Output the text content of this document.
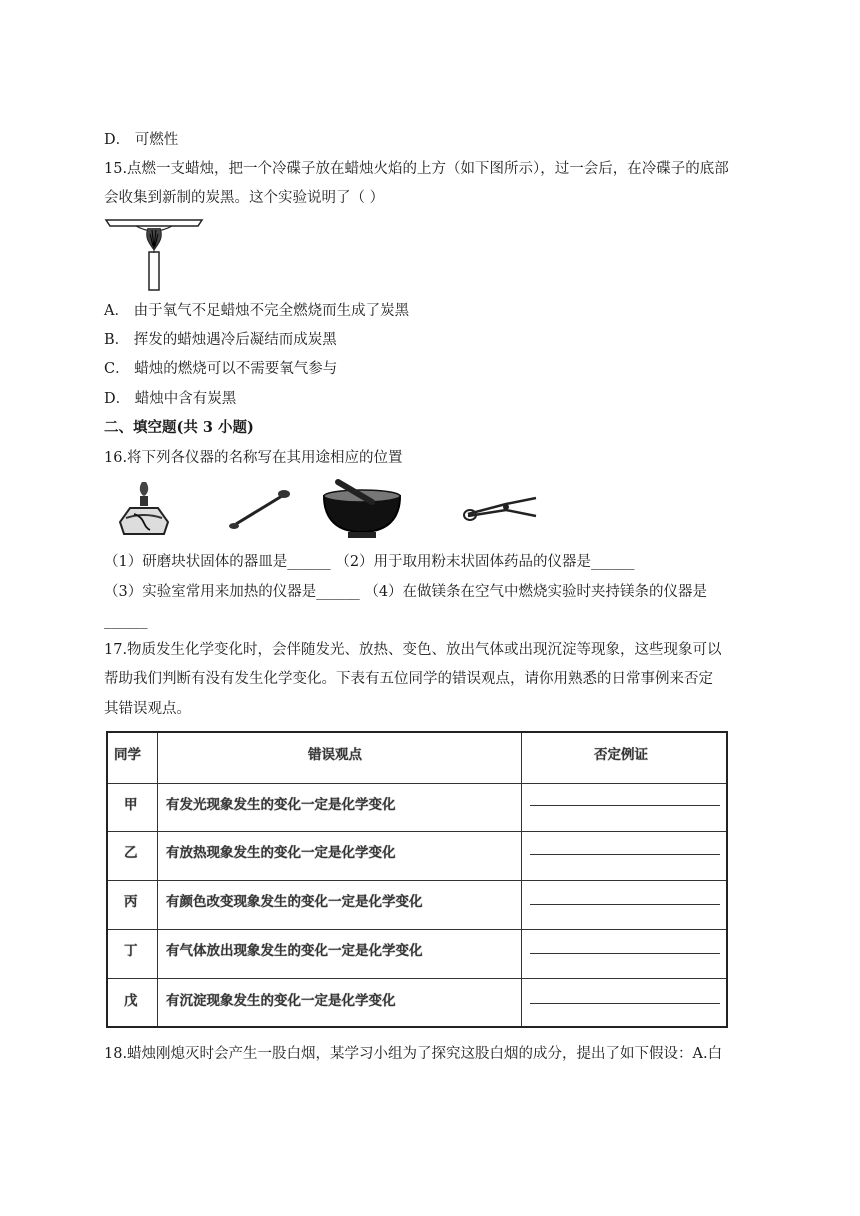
D． 可燃性
15.点燃一支蜡烛，把一个冷碟子放在蜡烛火焰的上方（如下图所示），过一会后，在冷碟子的底部
会收集到新制的炭黑。这个实验说明了（ ）
A． 由于氧气不足蜡烛不完全燃烧而生成了炭黑
B． 挥发的蜡烛遇冷后凝结而成炭黑
C． 蜡烛的燃烧可以不需要氧气参与
D． 蜡烛中含有炭黑
二、填空题(共 3 小题)
16.将下列各仪器的名称写在其用途相应的位置
（1）研磨块状固体的器皿是______ （2）用于取用粉末状固体药品的仪器是______
（3）实验室常用来加热的仪器是______ （4）在做镁条在空气中燃烧实验时夹持镁条的仪器是
______
17.物质发生化学变化时，会伴随发光、放热、变色、放出气体或出现沉淀等现象，这些现象可以
帮助我们判断有没有发生化学变化。下表有五位同学的错误观点，请你用熟悉的日常事例来否定
其错误观点。
同学	错误观点	否定例证
甲 有发光现象发生的变化一定是化学变化
乙 有放热现象发生的变化一定是化学变化
丙 有颜色改变现象发生的变化一定是化学变化
丁 有气体放出现象发生的变化一定是化学变化
戊 有沉淀现象发生的变化一定是化学变化
18.蜡烛刚熄灭时会产生一股白烟，某学习小组为了探究这股白烟的成分，提出了如下假设：A.白
